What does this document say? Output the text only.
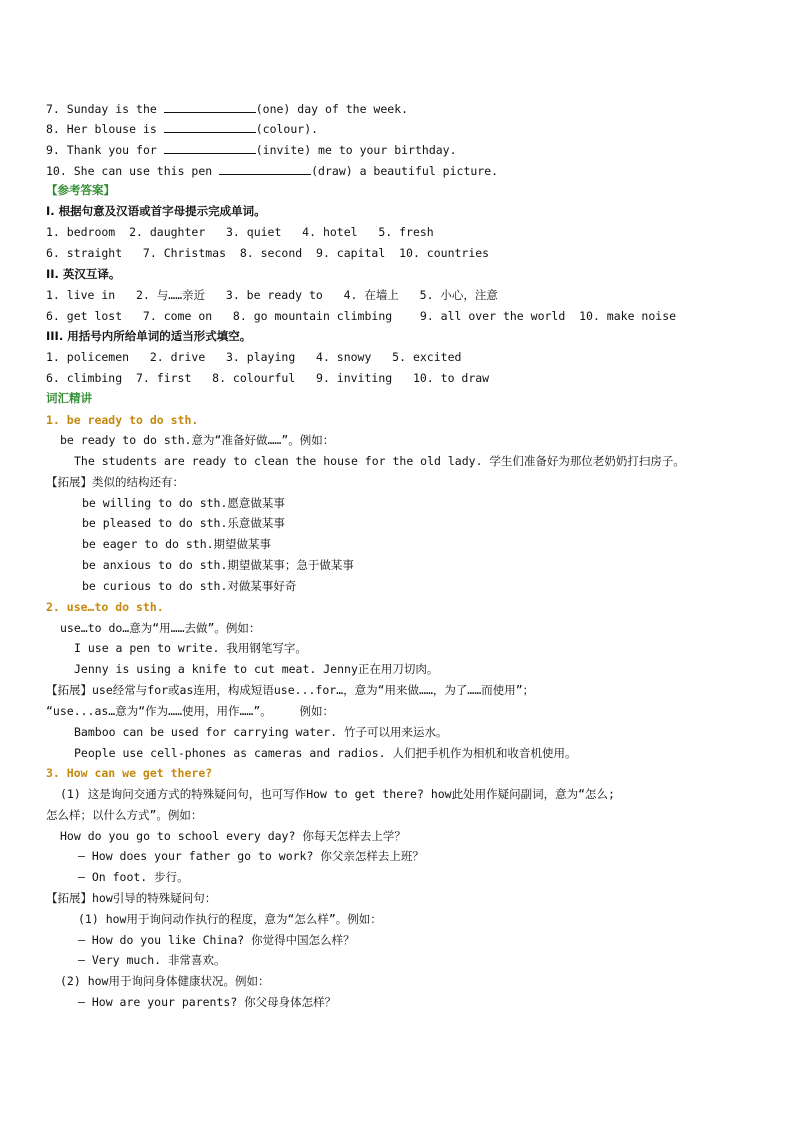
7. Sunday is the	(one) day of the week.
8. Her blouse is	(colour).
9. Thank you for	(invite) me to your birthday.
10. She can use this pen	(draw) a beautiful picture.
【参考答案】
I. 根据句意及汉语或首字母提示完成单词。
1. bedroom  2. daughter   3. quiet   4. hotel   5. fresh
6. straight   7. Christmas  8. second  9. capital  10. countries
II. 英汉互译。
1. live in   2. 与……亲近   3. be ready to   4. 在墙上   5. 小心，注意
6. get lost   7. come on   8. go mountain climbing    9. all over the world  10. make noise
III. 用括号内所给单词的适当形式填空。
1. policemen   2. drive   3. playing   4. snowy   5. excited
6. climbing  7. first   8. colourful   9. inviting   10. to draw
词汇精讲
1. be ready to do sth.
be ready to do sth.意为“准备好做……”。例如：
The students are ready to clean the house for the old lady. 学生们准备好为那位老奶奶打扫房子。
【拓展】类似的结构还有：
be willing to do sth.愿意做某事
be pleased to do sth.乐意做某事
be eager to do sth.期望做某事
be anxious to do sth.期望做某事；急于做某事
be curious to do sth.对做某事好奇
2. use…to do sth.
use…to do…意为“用……去做”。例如：
I use a pen to write. 我用钢笔写字。
Jenny is using a knife to cut meat. Jenny正在用刀切肉。
【拓展】use经常与for或as连用，构成短语use...for…，意为“用来做……，为了……而使用”；
“use...as…意为“作为……使用，用作……”。    例如：
Bamboo can be used for carrying water. 竹子可以用来运水。
People use cell-phones as cameras and radios. 人们把手机作为相机和收音机使用。
3. How can we get there?
(1) 这是询问交通方式的特殊疑问句，也可写作How to get there? how此处用作疑问副词，意为“怎么;
怎么样；以什么方式”。例如：
How do you go to school every day? 你每天怎样去上学？
— How does your father go to work? 你父亲怎样去上班？
— On foot. 步行。
【拓展】how引导的特殊疑问句：
(1) how用于询问动作执行的程度，意为“怎么样”。例如：
— How do you like China? 你觉得中国怎么样？
— Very much. 非常喜欢。
(2) how用于询问身体健康状况。例如：
— How are your parents? 你父母身体怎样？
